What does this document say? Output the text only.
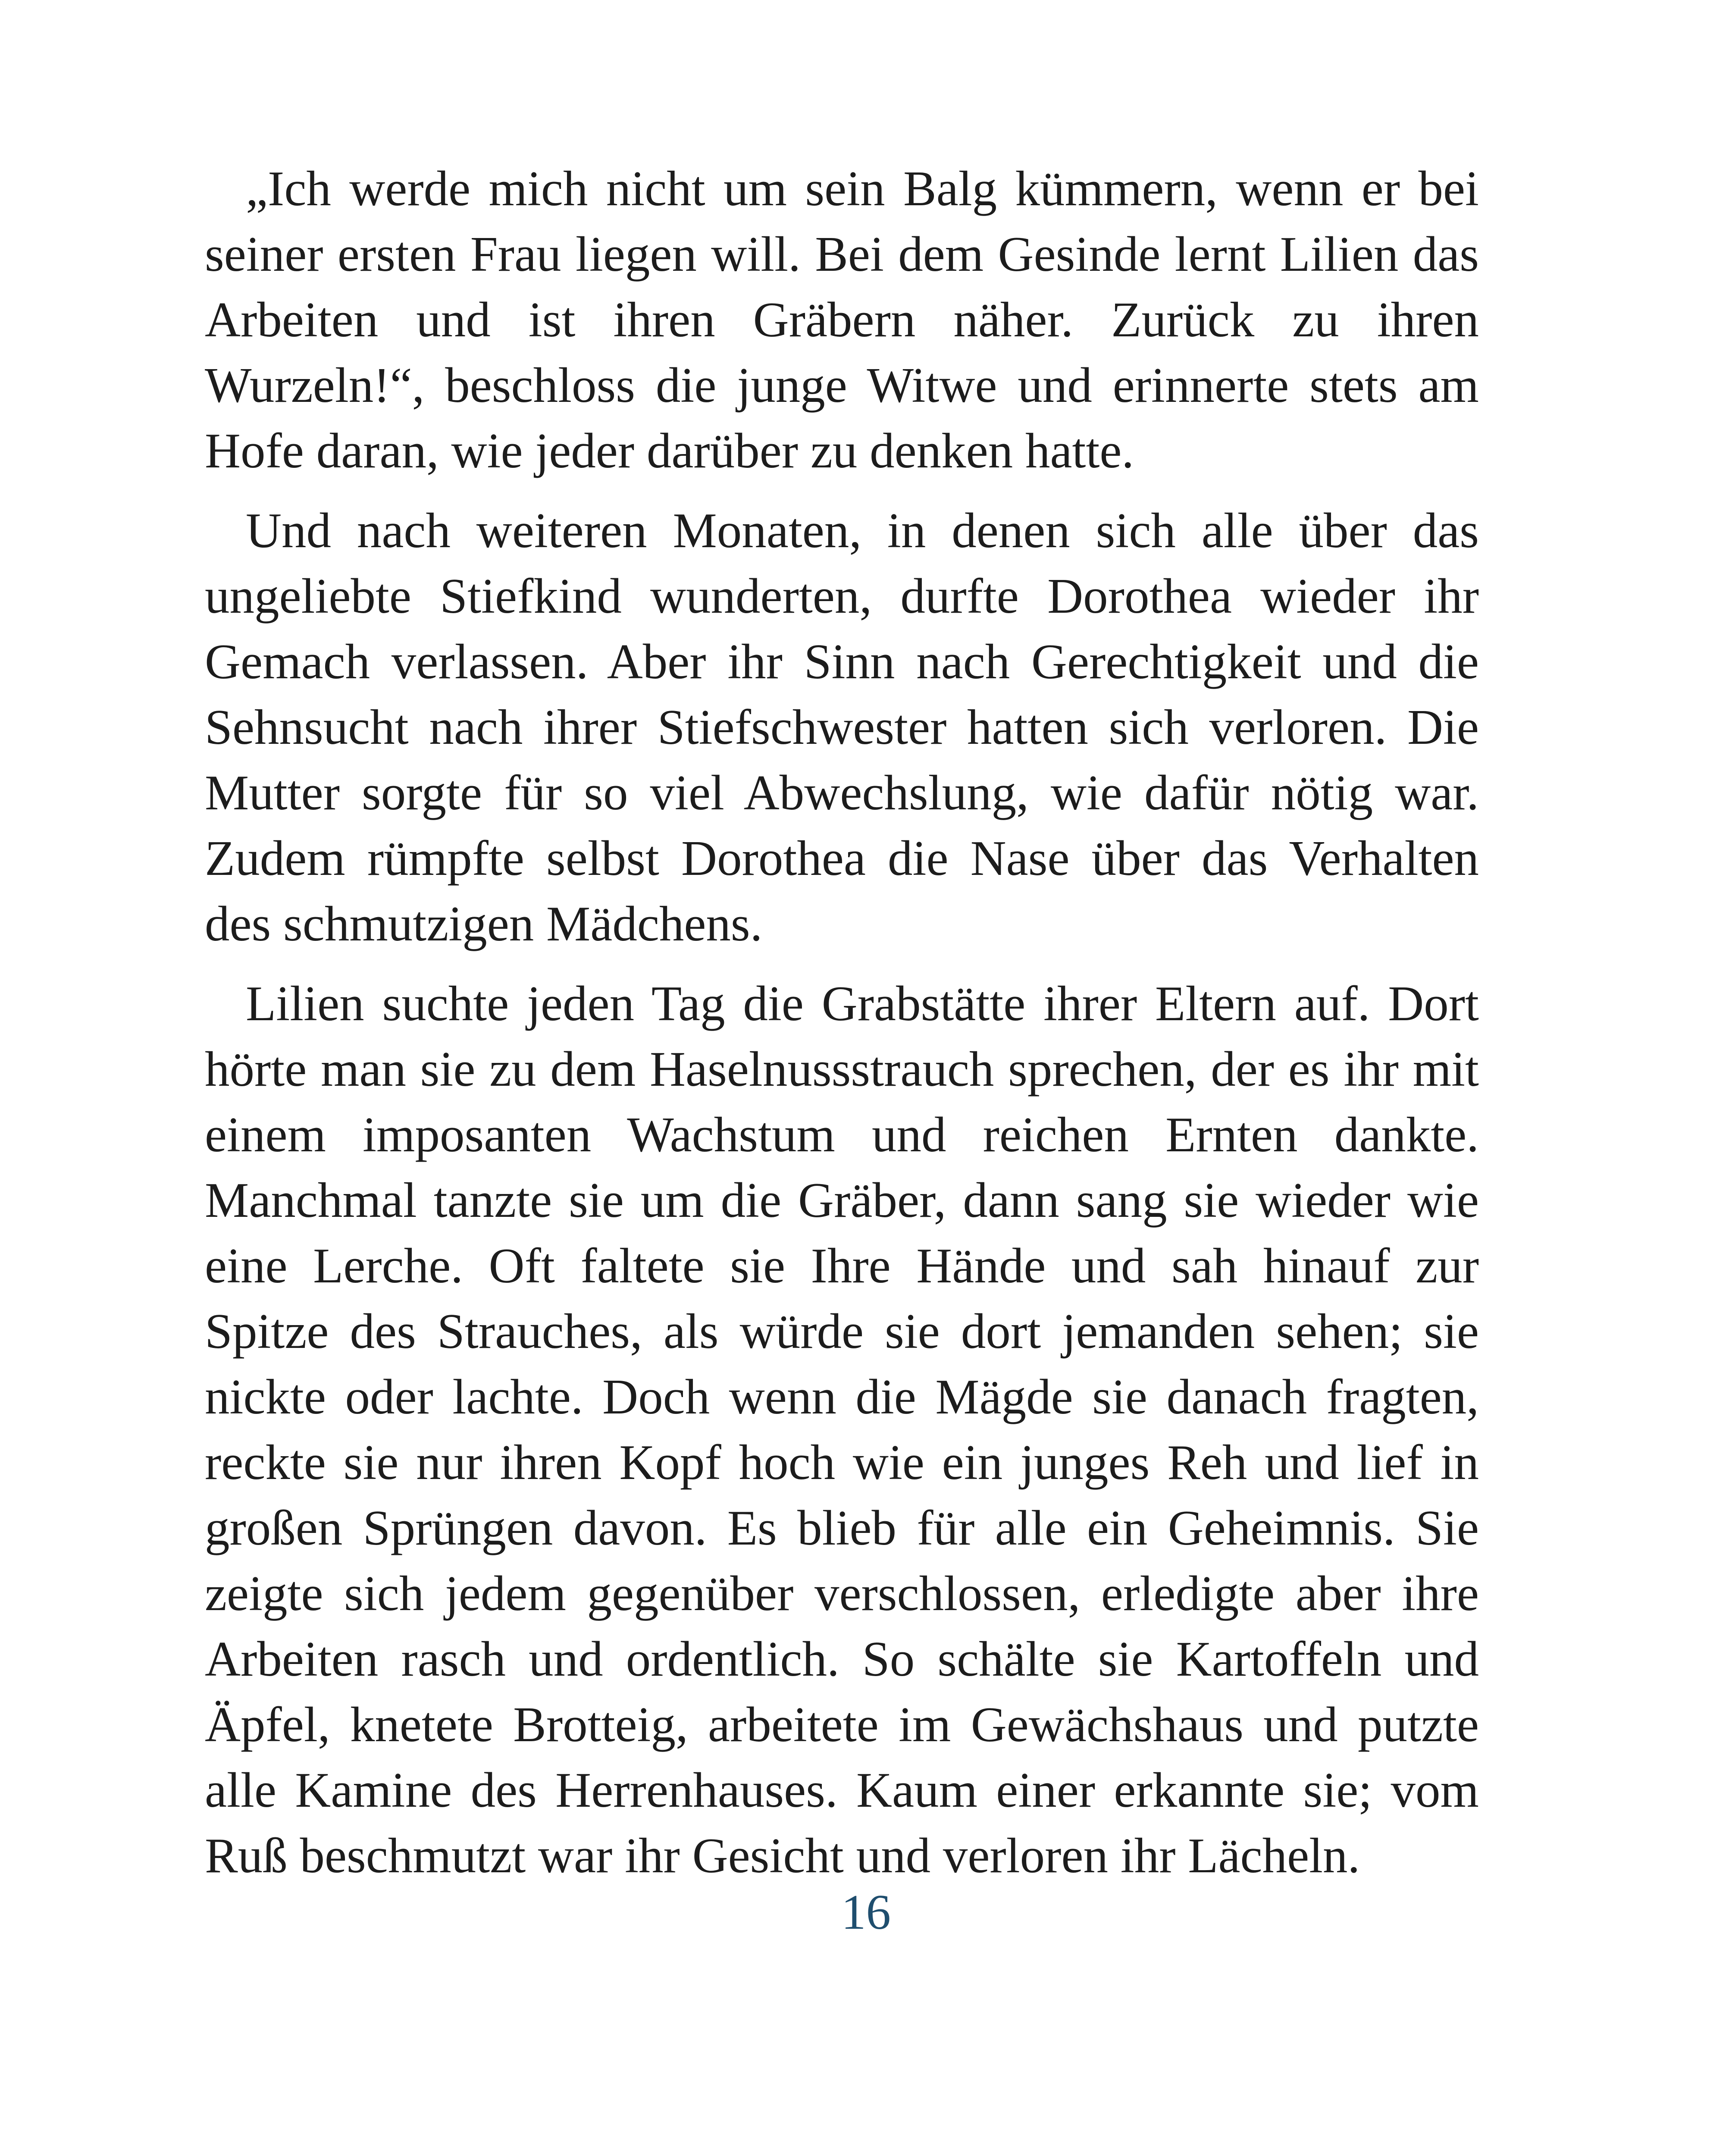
„Ich werde mich nicht um sein Balg kümmern, wenn er bei seiner ersten Frau liegen will. Bei dem Gesinde lernt Lilien das Arbeiten und ist ihren Gräbern näher. Zurück zu ihren Wurzeln!“, beschloss die junge Witwe und erinnerte stets am Hofe daran, wie jeder darüber zu denken hatte.

Und nach weiteren Monaten, in denen sich alle über das ungeliebte Stiefkind wunderten, durfte Dorothea wieder ihr Gemach verlassen. Aber ihr Sinn nach Gerechtigkeit und die Sehnsucht nach ihrer Stiefschwester hatten sich verloren. Die Mutter sorgte für so viel Abwechslung, wie dafür nötig war. Zudem rümpfte selbst Dorothea die Nase über das Verhalten des schmutzigen Mädchens.

Lilien suchte jeden Tag die Grabstätte ihrer Eltern auf. Dort hörte man sie zu dem Haselnussstrauch sprechen, der es ihr mit einem imposanten Wachstum und reichen Ernten dankte. Manchmal tanzte sie um die Gräber, dann sang sie wieder wie eine Lerche. Oft faltete sie Ihre Hände und sah hinauf zur Spitze des Strauches, als würde sie dort jemanden sehen; sie nickte oder lachte. Doch wenn die Mägde sie danach fragten, reckte sie nur ihren Kopf hoch wie ein junges Reh und lief in großen Sprüngen davon. Es blieb für alle ein Geheimnis. Sie zeigte sich jedem gegenüber verschlossen, erledigte aber ihre Arbeiten rasch und ordentlich. So schälte sie Kartoffeln und Äpfel, knetete Brotteig, arbeitete im Gewächshaus und putzte alle Kamine des Herrenhauses. Kaum einer erkannte sie; vom Ruß beschmutzt war ihr Gesicht und verloren ihr Lächeln.

16
